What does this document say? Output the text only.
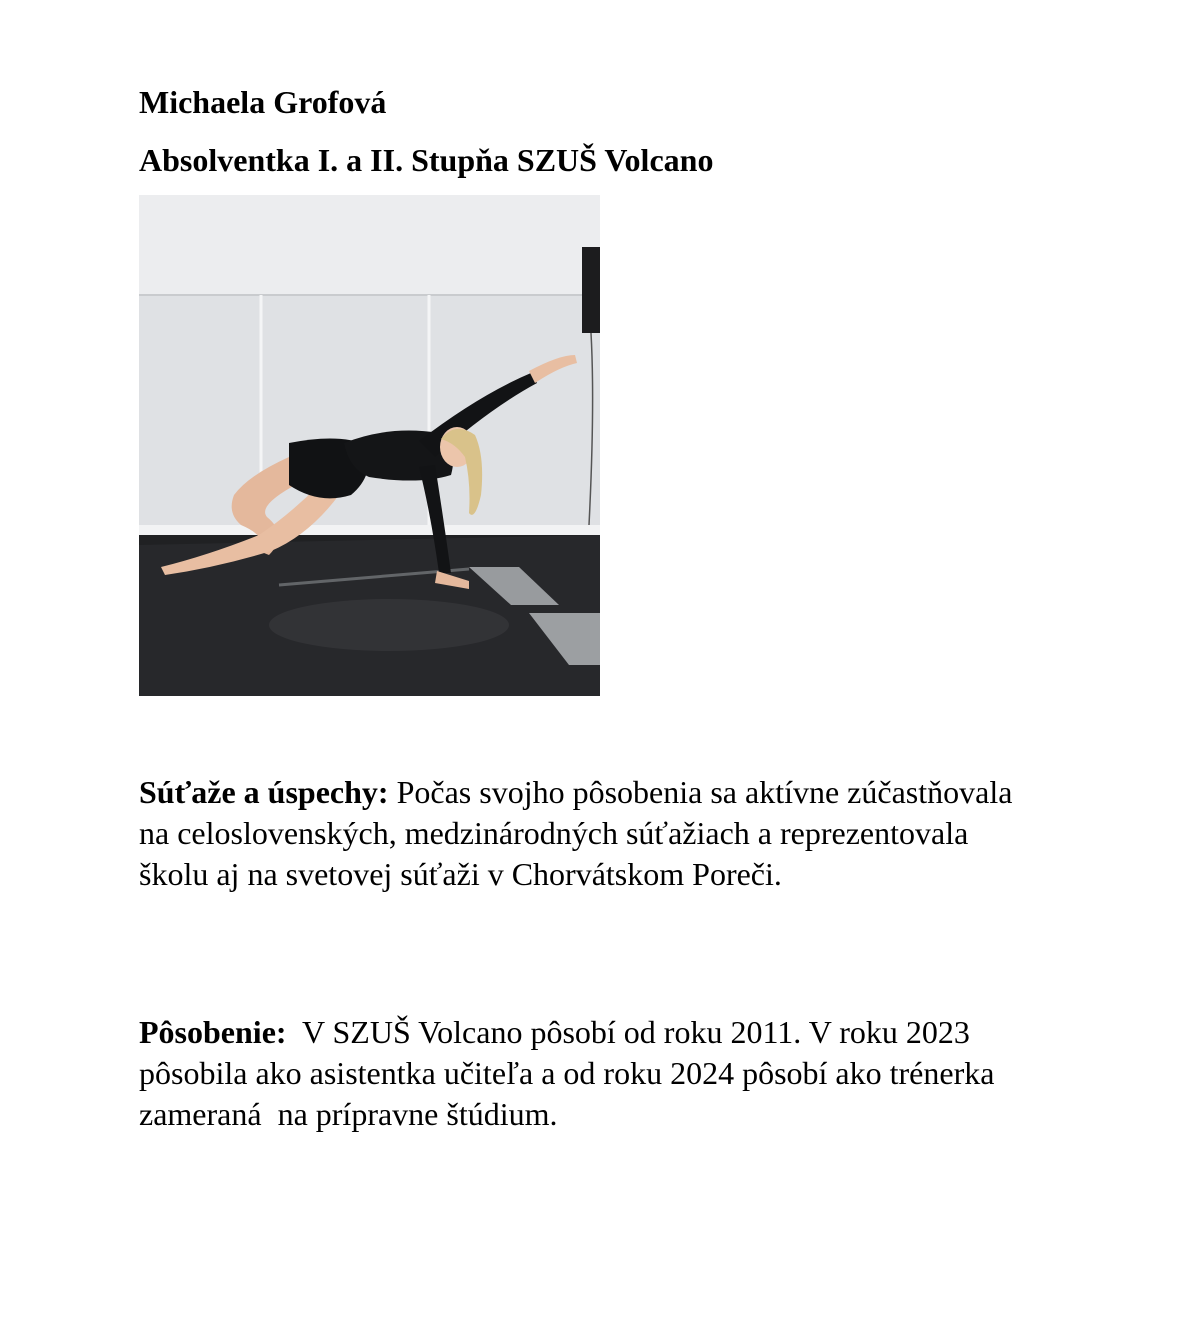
Michaela Grofová
Absolventka I. a II. Stupňa SZUŠ Volcano

Súťaže a úspechy: Počas svojho pôsobenia sa aktívne zúčastňovala na celoslovenských, medzinárodných súťažiach a reprezentovala školu aj na svetovej súťaži v Chorvátskom Poreči.

Pôsobenie:  V SZUŠ Volcano pôsobí od roku 2011. V roku 2023 pôsobila ako asistentka učiteľa a od roku 2024 pôsobí ako trénerka zameraná  na prípravne štúdium.
